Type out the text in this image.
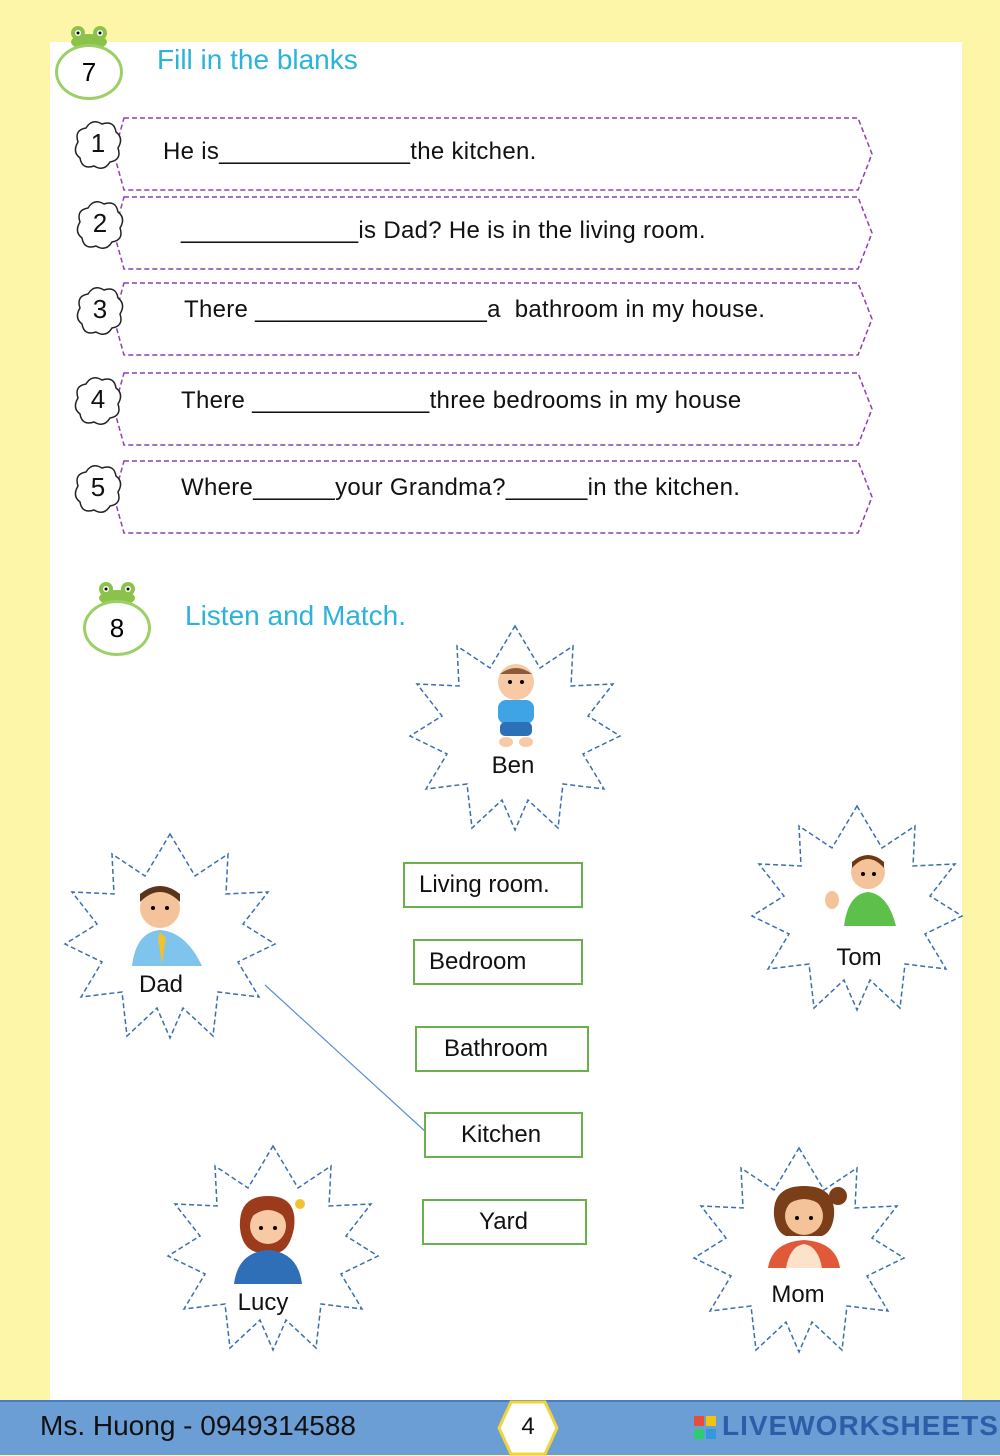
7	Fill in the blanks
1	He is______________the kitchen.
2	_____________is Dad? He is in the living room.
3	There _________________a  bathroom in my house.
4	There _____________three bedrooms in my house
5	Where______your Grandma?______in the kitchen.
8	Listen and Match.
Ben
Dad
Tom
Lucy	Mom
Living room.
Bedroom
Bathroom
Kitchen
Yard
Ms. Huong - 0949314588	4	LIVEWORKSHEETS
